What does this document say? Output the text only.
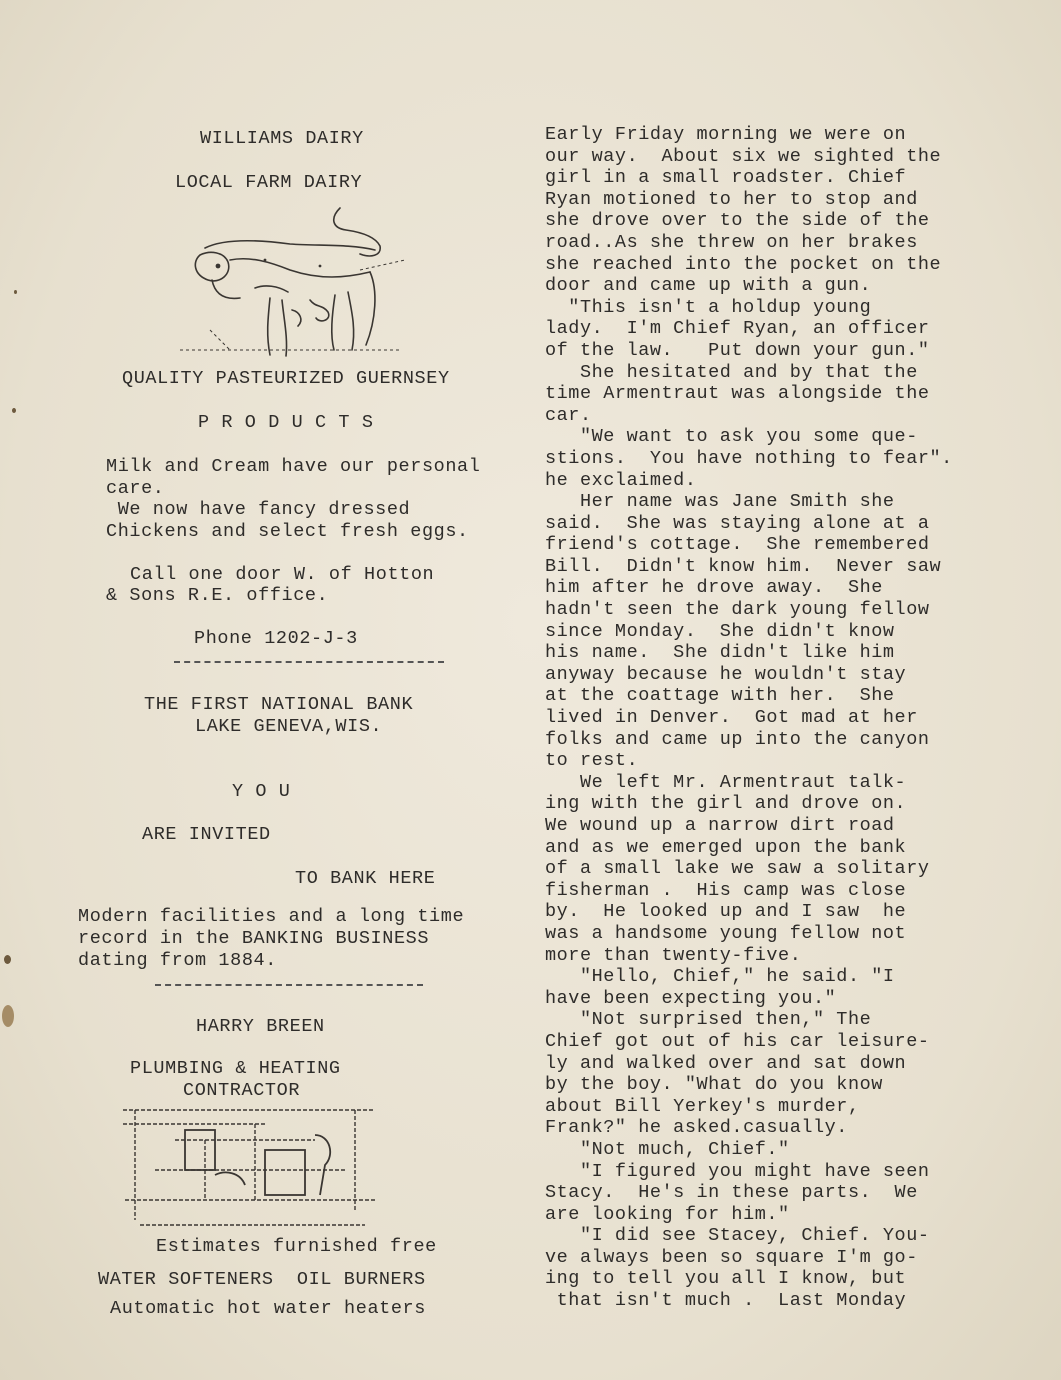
WILLIAMS DAIRY
LOCAL FARM DAIRY
QUALITY PASTEURIZED GUERNSEY
P R O D U C T S
Milk and Cream have our personal
care.
We now have fancy dressed
Chickens and select fresh eggs.
Call one door W. of Hotton
& Sons R.E. office.
Phone 1202-J-3
THE FIRST NATIONAL BANK
LAKE GENEVA,WIS.
Y O U
ARE INVITED
TO BANK HERE
Modern facilities and a long time
record in the BANKING BUSINESS
dating from 1884.
HARRY BREEN
PLUMBING & HEATING
CONTRACTOR
Estimates furnished free
WATER SOFTENERS  OIL BURNERS
Automatic hot water heaters
Early Friday morning we were on
our way.  About six we sighted the
girl in a small roadster. Chief
Ryan motioned to her to stop and
she drove over to the side of the
road..As she threw on her brakes
she reached into the pocket on the
door and came up with a gun.
"This isn't a holdup young
lady.  I'm Chief Ryan, an officer
of the law.   Put down your gun."
She hesitated and by that the
time Armentraut was alongside the
car.
"We want to ask you some que-
stions.  You have nothing to fear".
he exclaimed.
Her name was Jane Smith she
said.  She was staying alone at a
friend's cottage.  She remembered
Bill.  Didn't know him.  Never saw
him after he drove away.  She
hadn't seen the dark young fellow
since Monday.  She didn't know
his name.  She didn't like him
anyway because he wouldn't stay
at the coattage with her.  She
lived in Denver.  Got mad at her
folks and came up into the canyon
to rest.
We left Mr. Armentraut talk-
ing with the girl and drove on.
We wound up a narrow dirt road
and as we emerged upon the bank
of a small lake we saw a solitary
fisherman .  His camp was close
by.  He looked up and I saw  he
was a handsome young fellow not
more than twenty-five.
"Hello, Chief," he said. "I
have been expecting you."
"Not surprised then," The
Chief got out of his car leisure-
ly and walked over and sat down
by the boy. "What do you know
about Bill Yerkey's murder,
Frank?" he asked.casually.
"Not much, Chief."
"I figured you might have seen
Stacy.  He's in these parts.  We
are looking for him."
"I did see Stacey, Chief. You-
ve always been so square I'm go-
ing to tell you all I know, but
that isn't much .  Last Monday
